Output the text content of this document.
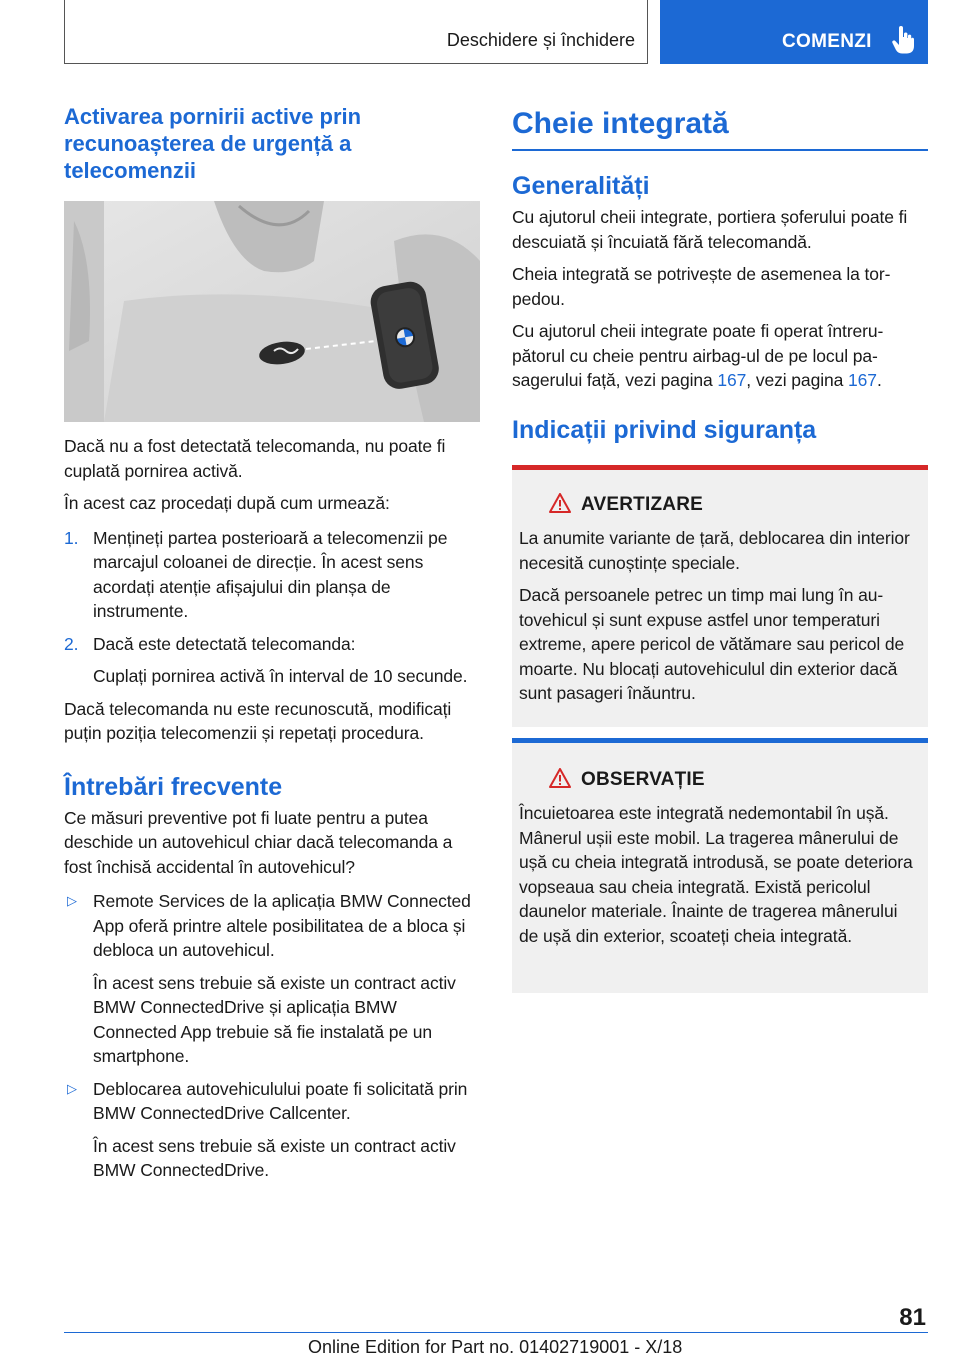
Deschidere și închidere	COMENZI
Activarea pornirii active prin recunoașterea de urgență a telecomenzii

Dacă nu a fost detectată telecomanda, nu poate fi cuplată pornirea activă.

În acest caz procedați după cum urmează:

1. Mențineți partea posterioară a telecomenzii pe marcajul coloanei de direcție. În acest sens acordați atenție afișajului din planșa de instrumente.

2. Dacă este detectată telecomanda:

Cuplați pornirea activă în interval de 10 secunde.

Dacă telecomanda nu este recunoscută, modificați puțin poziția telecomenzii și repetați procedura.

Întrebări frecvente

Ce măsuri preventive pot fi luate pentru a putea deschide un autovehicul chiar dacă telecomanda a fost închisă accidental în autovehicul?

▷ Remote Services de la aplicația BMW Connected App oferă printre altele posibilitatea de a bloca și debloca un autovehicul.

În acest sens trebuie să existe un contract activ BMW ConnectedDrive și aplicația BMW Connected App trebuie să fie instalată pe un smartphone.

▷ Deblocarea autovehiculului poate fi solicitată prin BMW ConnectedDrive Callcenter.

În acest sens trebuie să existe un contract activ BMW ConnectedDrive.

Cheie integrată
Generalități

Cu ajutorul cheii integrate, portiera șoferului poate fi descuiată și încuiată fără telecomandă.

Cheia integrată se potrivește de asemenea la torpedou.

Cu ajutorul cheii integrate poate fi operat întrerupătorul cu cheie pentru airbag-ul de pe locul pasagerului față, vezi pagina 167, vezi pagina 167.

Indicații privind siguranța
AVERTIZARE

La anumite variante de țară, deblocarea din interior necesită cunoștințe speciale.

Dacă persoanele petrec un timp mai lung în autovehicul și sunt expuse astfel unor temperaturi extreme, apere pericol de vătămare sau pericol de moarte. Nu blocați autovehiculul din exterior dacă sunt pasageri înăuntru.

OBSERVAȚIE

Încuietoarea este integrată nedemontabil în ușă. Mânerul ușii este mobil. La tragerea mânerului de ușă cu cheia integrată introdusă, se poate deteriora vopseaua sau cheia integrată. Există pericolul daunelor materiale. Înainte de tragerea mânerului de ușă din exterior, scoateți cheia integrată.

81
Online Edition for Part no. 01402719001 - X/18
